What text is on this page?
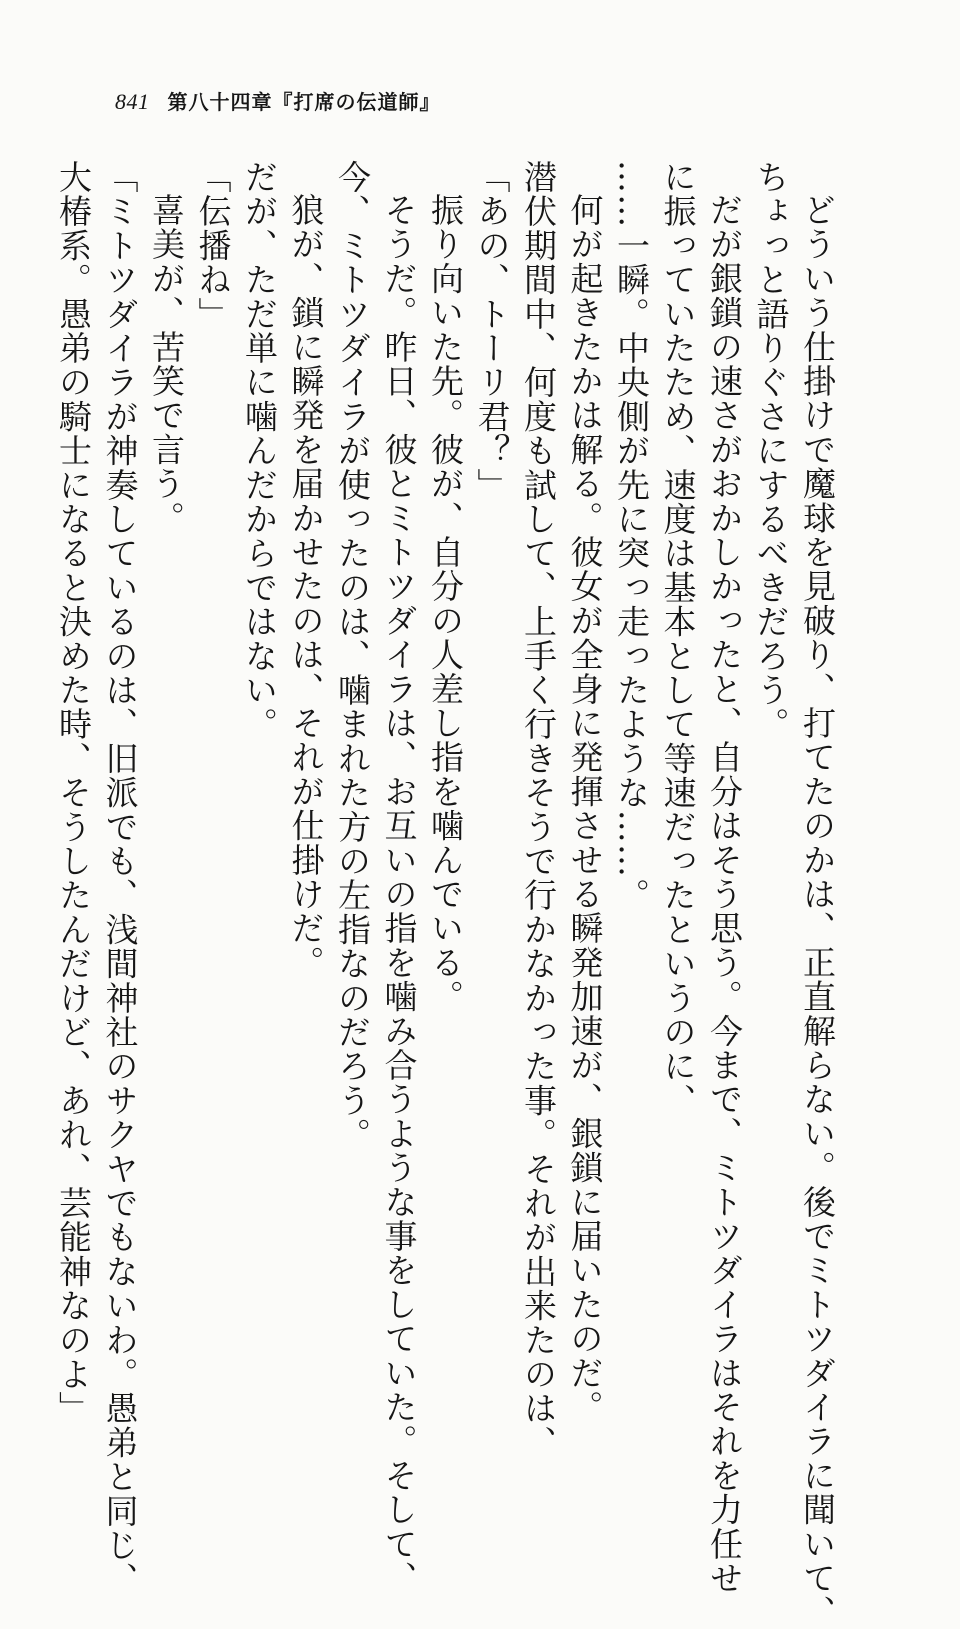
841 第八十四章『打席の伝道師』
どういう仕掛けで魔球を見破り、打てたのかは、正直解らない。後でミトツダイラに聞いて、
ちょっと語りぐさにするべきだろう。
だが銀鎖の速さがおかしかったと、自分はそう思う。今まで、ミトツダイラはそれを力任せ
に振っていたため、速度は基本として等速だったというのに、
……一瞬。中央側が先に突っ走ったような……。
何が起きたかは解る。彼女が全身に発揮させる瞬発加速が、銀鎖に届いたのだ。
潜伏期間中、何度も試して、上手く行きそうで行かなかった事。それが出来たのは、
「あの、トーリ君？」
振り向いた先。彼が、自分の人差し指を噛んでいる。
そうだ。昨日、彼とミトツダイラは、お互いの指を噛み合うような事をしていた。そして、
今、ミトツダイラが使ったのは、噛まれた方の左指なのだろう。
狼が、鎖に瞬発を届かせたのは、それが仕掛けだ。
だが、ただ単に噛んだからではない。
「伝播ね」
喜美が、苦笑で言う。
「ミトツダイラが神奏しているのは、旧派でも、浅間神社のサクヤでもないわ。愚弟と同じ、
大椿系。愚弟の騎士になると決めた時、そうしたんだけど、あれ、芸能神なのよ」
